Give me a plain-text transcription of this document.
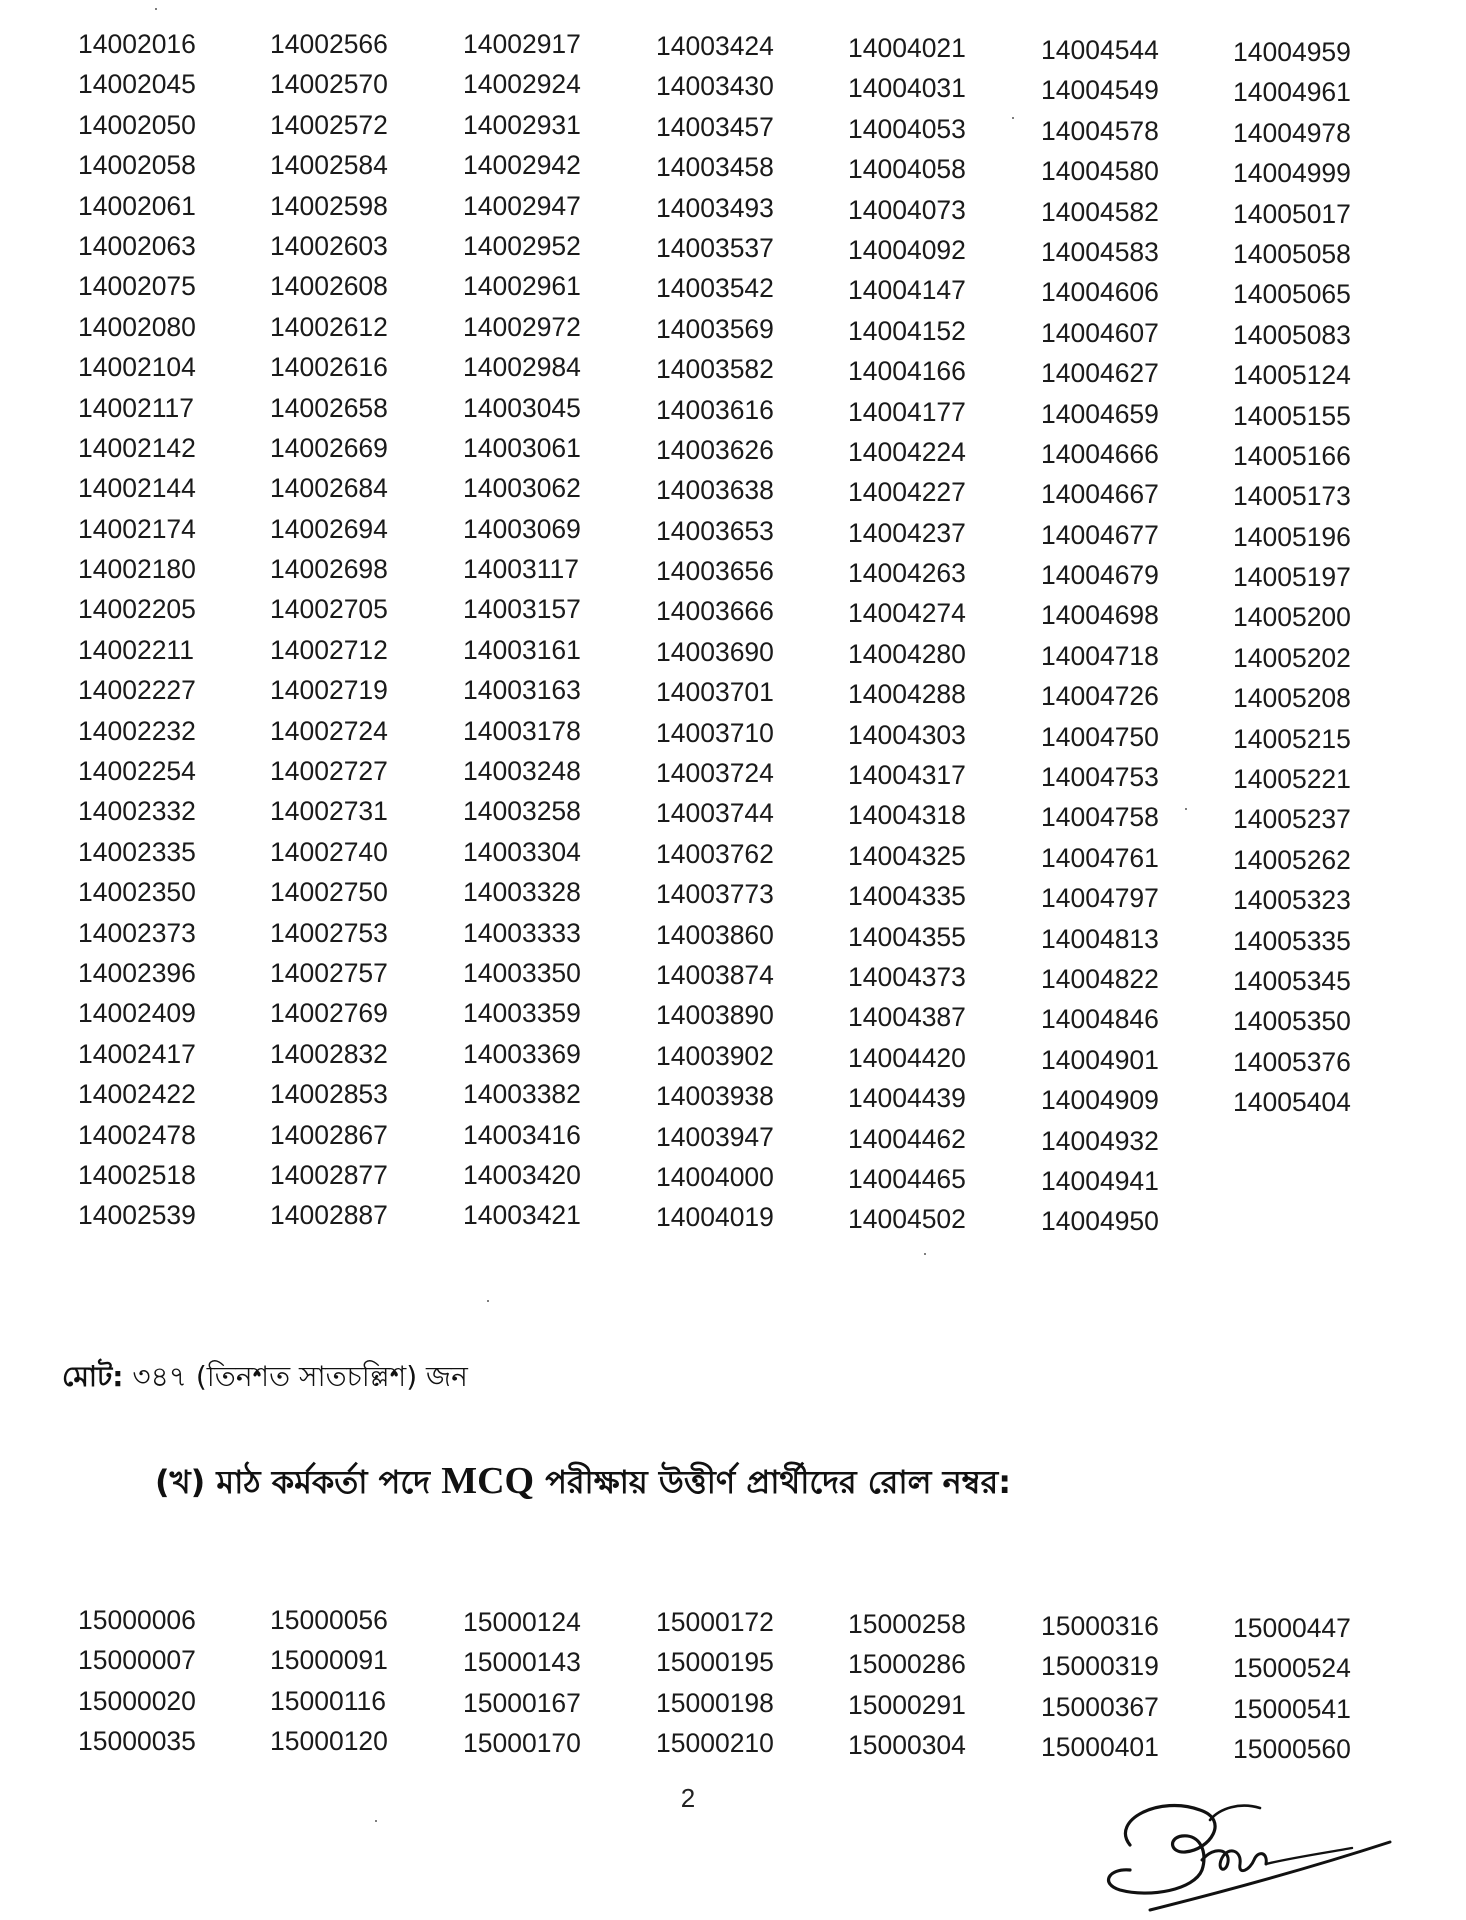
14002016
14002045
14002050
14002058
14002061
14002063
14002075
14002080
14002104
14002117
14002142
14002144
14002174
14002180
14002205
14002211
14002227
14002232
14002254
14002332
14002335
14002350
14002373
14002396
14002409
14002417
14002422
14002478
14002518
14002539
14002566
14002570
14002572
14002584
14002598
14002603
14002608
14002612
14002616
14002658
14002669
14002684
14002694
14002698
14002705
14002712
14002719
14002724
14002727
14002731
14002740
14002750
14002753
14002757
14002769
14002832
14002853
14002867
14002877
14002887
14002917
14002924
14002931
14002942
14002947
14002952
14002961
14002972
14002984
14003045
14003061
14003062
14003069
14003117
14003157
14003161
14003163
14003178
14003248
14003258
14003304
14003328
14003333
14003350
14003359
14003369
14003382
14003416
14003420
14003421
14003424
14003430
14003457
14003458
14003493
14003537
14003542
14003569
14003582
14003616
14003626
14003638
14003653
14003656
14003666
14003690
14003701
14003710
14003724
14003744
14003762
14003773
14003860
14003874
14003890
14003902
14003938
14003947
14004000
14004019
14004021
14004031
14004053
14004058
14004073
14004092
14004147
14004152
14004166
14004177
14004224
14004227
14004237
14004263
14004274
14004280
14004288
14004303
14004317
14004318
14004325
14004335
14004355
14004373
14004387
14004420
14004439
14004462
14004465
14004502
14004544
14004549
14004578
14004580
14004582
14004583
14004606
14004607
14004627
14004659
14004666
14004667
14004677
14004679
14004698
14004718
14004726
14004750
14004753
14004758
14004761
14004797
14004813
14004822
14004846
14004901
14004909
14004932
14004941
14004950
14004959
14004961
14004978
14004999
14005017
14005058
14005065
14005083
14005124
14005155
14005166
14005173
14005196
14005197
14005200
14005202
14005208
14005215
14005221
14005237
14005262
14005323
14005335
14005345
14005350
14005376
14005404
মোট: ৩৪৭ (তিনশত সাতচল্লিশ) জন
(খ) মাঠ কর্মকর্তা পদে MCQ পরীক্ষায় উত্তীর্ণ প্রার্থীদের রোল নম্বর:
15000006
15000007
15000020
15000035
15000056
15000091
15000116
15000120
15000124
15000143
15000167
15000170
15000172
15000195
15000198
15000210
15000258
15000286
15000291
15000304
15000316
15000319
15000367
15000401
15000447
15000524
15000541
15000560
2
